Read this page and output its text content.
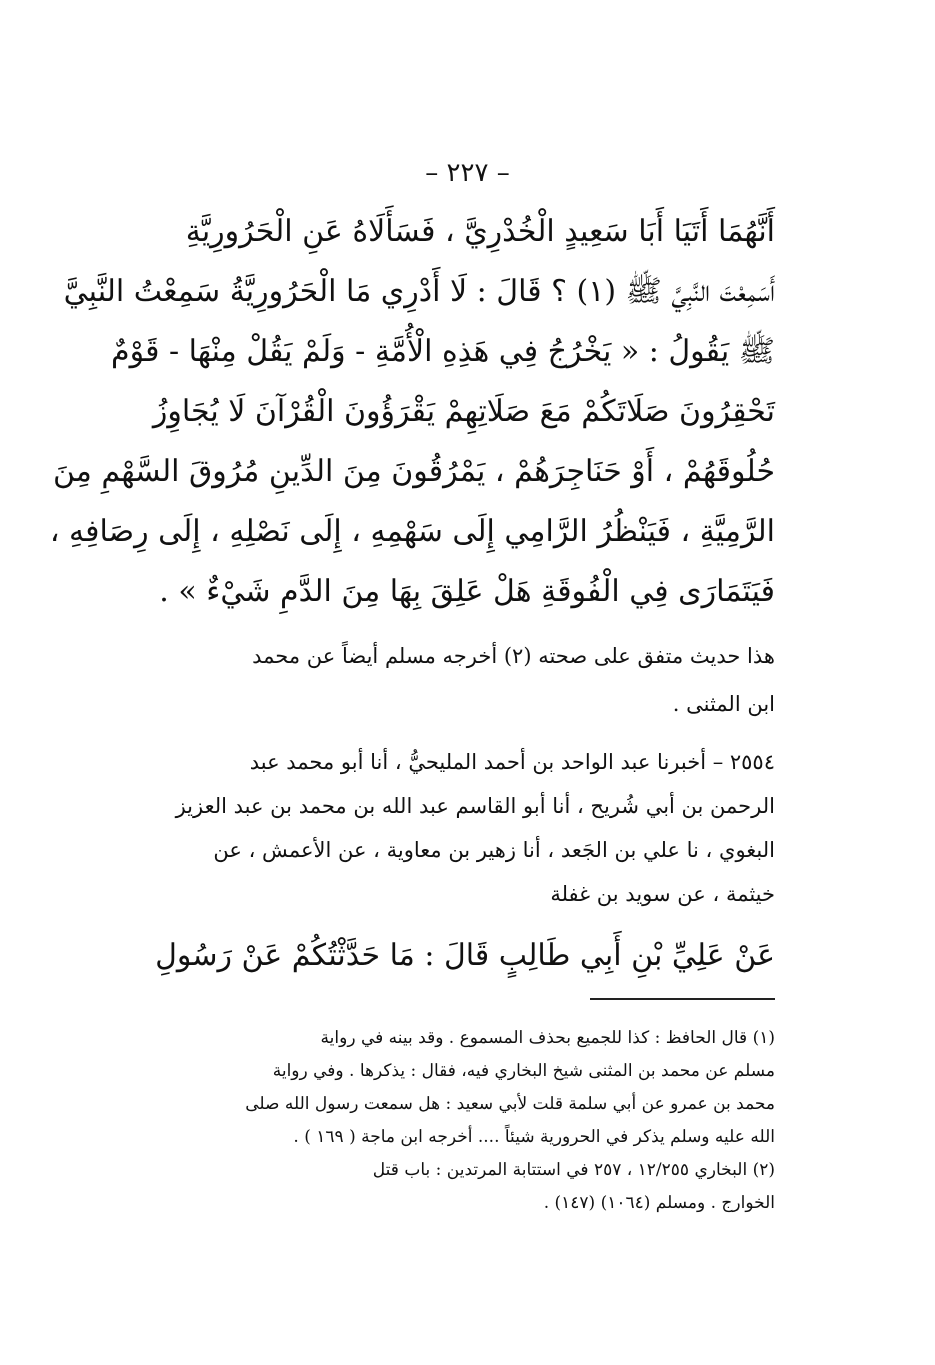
– ٢٢٧ –
أَنَّهُمَا أَتَيَا أَبَا سَعِيدٍ الْخُدْرِيَّ ، فَسَأَلَاهُ عَنِ الْحَرُورِيَّةِ
أَسَمِعْتَ النَّبِيَّ ﷺ (١) ؟ قَالَ : لَا أَدْرِي مَا الْحَرُورِيَّةُ سَمِعْتُ النَّبِيَّ
ﷺ يَقُولُ : « يَخْرُجُ فِي هَذِهِ الْأُمَّةِ - وَلَمْ يَقُلْ مِنْهَا - قَوْمٌ
تَحْقِرُونَ صَلَاتَكُمْ مَعَ صَلَاتِهِمْ يَقْرَؤُونَ الْقُرْآنَ لَا يُجَاوِزُ
حُلُوقَهُمْ ، أَوْ حَنَاجِرَهُمْ ، يَمْرُقُونَ مِنَ الدِّينِ مُرُوقَ السَّهْمِ مِنَ
الرَّمِيَّةِ ، فَيَنْظُرُ الرَّامِي إِلَى سَهْمِهِ ، إِلَى نَصْلِهِ ، إِلَى رِصَافِهِ ،
فَيَتَمَارَى فِي الْفُوقَةِ هَلْ عَلِقَ بِهَا مِنَ الدَّمِ شَيْءٌ » .
هذا حديث متفق على صحته (٢) أخرجه مسلم أيضاً عن محمد
ابن المثنى .
٢٥٥٤ – أخبرنا عبد الواحد بن أحمد المليحيُّ ، أنا أبو محمد عبد
الرحمن بن أبي شُريح ، أنا أبو القاسم عبد الله بن محمد بن عبد العزيز
البغوي ، نا علي بن الجَعد ، أنا زهير بن معاوية ، عن الأعمش ، عن
خيثمة ، عن سويد بن غفلة
عَنْ عَلِيِّ بْنِ أَبِي طَالِبٍ قَالَ : مَا حَدَّثْتُكُمْ عَنْ رَسُولِ
(١) قال الحافظ : كذا للجميع بحذف المسموع . وقد بينه في رواية
مسلم عن محمد بن المثنى شيخ البخاري فيه، فقال : يذكرها . وفي رواية
محمد بن عمرو عن أبي سلمة قلت لأبي سعيد : هل سمعت رسول الله صلى
الله عليه وسلم يذكر في الحرورية شيئاً .... أخرجه ابن ماجة ( ١٦٩ ) .
(٢) البخاري ١٢/٢٥٥ ، ٢٥٧ في استتابة المرتدين : باب قتل
الخوارج . ومسلم (١٠٦٤) (١٤٧) .
